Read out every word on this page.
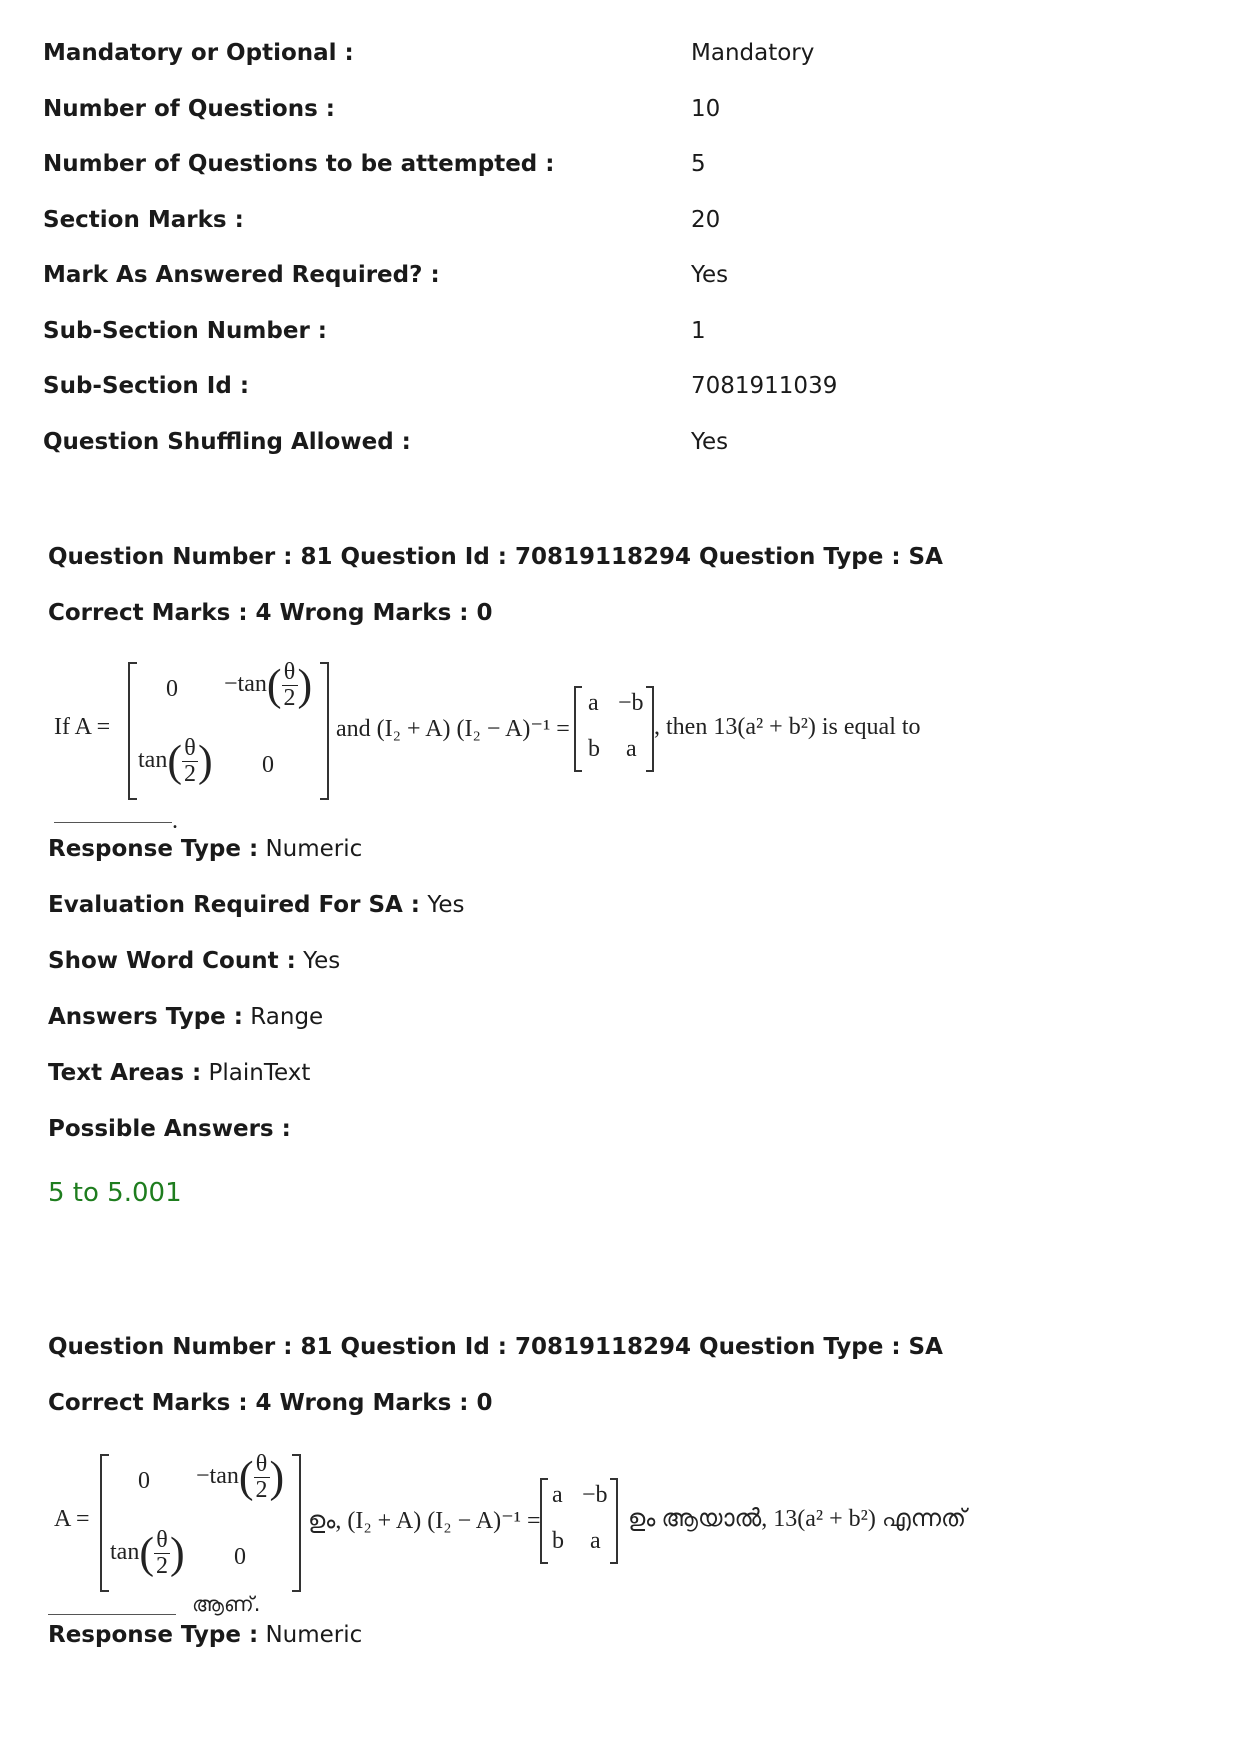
Mandatory or Optional :	Mandatory
Number of Questions :	10
Number of Questions to be attempted :	5
Section Marks :	20
Mark As Answered Required? :	Yes
Sub-Section Number :	1
Sub-Section Id :	7081911039
Question Shuffling Allowed :	Yes
Question Number : 81 Question Id : 70819118294 Question Type : SA
Correct Marks : 4 Wrong Marks : 0
If A =
$0 -\tan( \frac{\theta}{2}$ )
$\tan( \frac{\theta}{2}$ ) 0
and (I₂ + A) (I₂ − A)⁻¹ =
a −b
b a
, then 13(a² + b²) is equal to
.
Response Type : Numeric
Evaluation Required For SA : Yes
Show Word Count : Yes
Answers Type : Range
Text Areas : PlainText
Possible Answers :
5 to 5.001
Question Number : 81 Question Id : 70819118294 Question Type : SA
Correct Marks : 4 Wrong Marks : 0
A =
$0 -\tan( \frac{\theta}{2}$ )
$\tan( \frac{\theta}{2}$ ) 0
ഉം, (I₂ + A) (I₂ − A)⁻¹ =
a −b
b a
ഉം ആയാൽ, 13(a² + b²) എന്നത്
ആണ്.
Response Type : Numeric
